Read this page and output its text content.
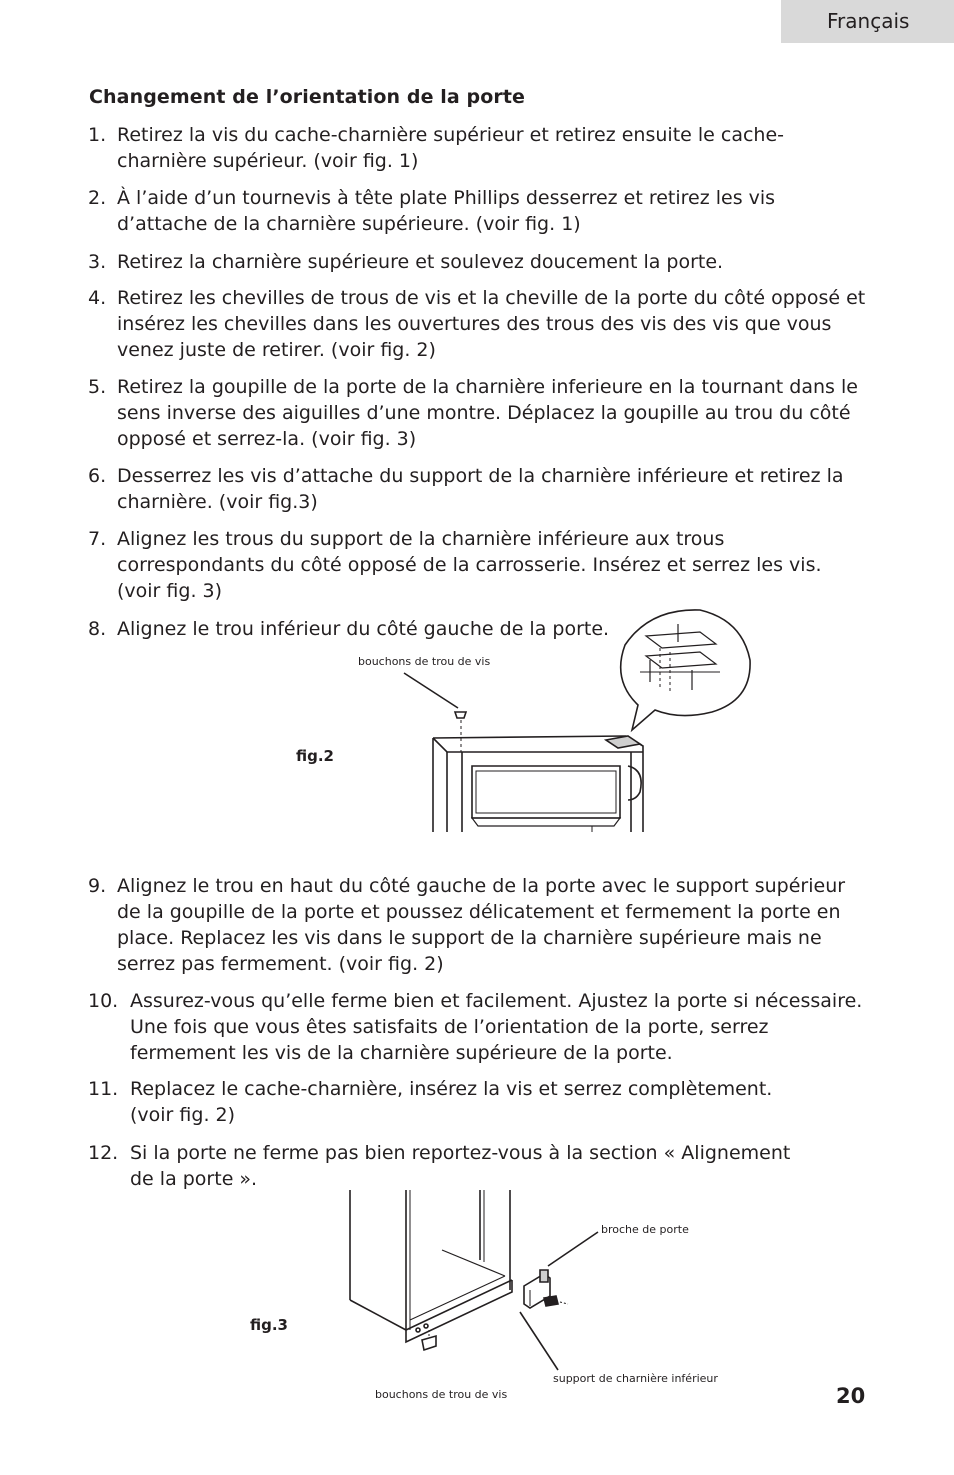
Français
Changement de l’orientation de la porte
1. Retirez la vis du cache-charnière supérieur et retirez ensuite le cache-charnière supérieur. (voir fig. 1)
2. À l’aide d’un tournevis à tête plate Phillips desserrez et retirez les vis d’attache de la charnière supérieure. (voir fig. 1)
3. Retirez la charnière supérieure et soulevez doucement la porte.
4. Retirez les chevilles de trous de vis et la cheville de la porte du côté opposé et insérez les chevilles dans les ouvertures des trous des vis des vis que vous venez juste de retirer. (voir fig. 2)
5. Retirez la goupille de la porte de la charnière inferieure en la tournant dans le sens inverse des aiguilles d’une montre. Déplacez la goupille au trou du côté opposé et serrez-la. (voir fig. 3)
6. Desserrez les vis d’attache du support de la charnière inférieure et retirez la charnière. (voir fig.3)
7. Alignez les trous du support de la charnière inférieure aux trous correspondants du côté opposé de la carrosserie. Insérez et serrez les vis. (voir fig. 3)
8. Alignez le trou inférieur du côté gauche de la porte.
bouchons de trou de vis
fig.2
9. Alignez le trou en haut du côté gauche de la porte avec le support supérieur de la goupille de la porte et poussez délicatement et fermement la porte en place. Replacez les vis dans le support de la charnière supérieure mais ne serrez pas fermement. (voir fig. 2)
10. Assurez-vous qu’elle ferme bien et facilement. Ajustez la porte si nécessaire. Une fois que vous êtes satisfaits de l’orientation de la porte, serrez fermement les vis de la charnière supérieure de la porte.
11. Replacez le cache-charnière, insérez la vis et serrez complètement. (voir fig. 2)
12. Si la porte ne ferme pas bien reportez-vous à la section « Alignement de la porte ».
fig.3
broche de porte
support de charnière inférieur
bouchons de trou de vis	20
